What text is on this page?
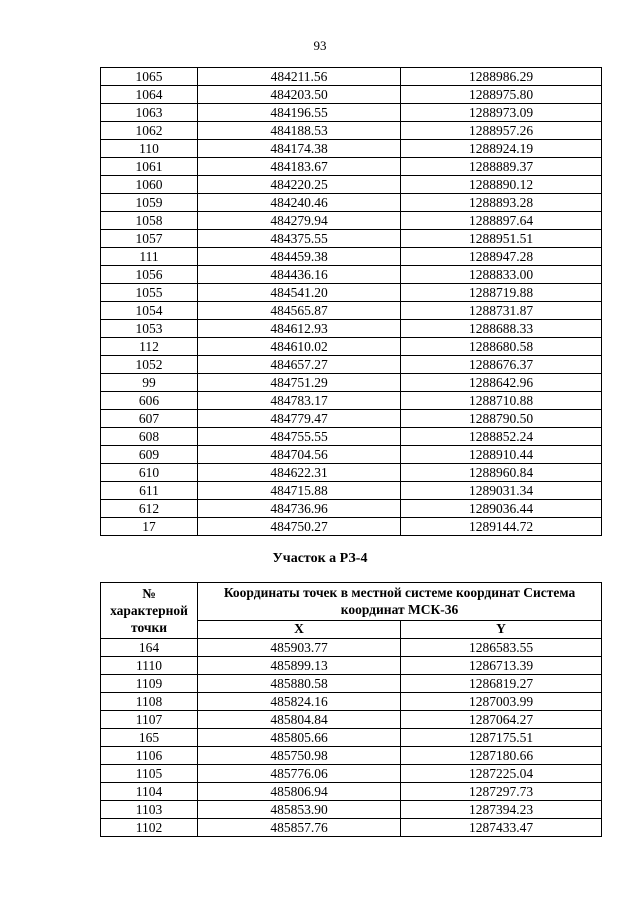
93
1065	484211.56	1288986.29
1064	484203.50	1288975.80
1063	484196.55	1288973.09
1062	484188.53	1288957.26
110	484174.38	1288924.19
1061	484183.67	1288889.37
1060	484220.25	1288890.12
1059	484240.46	1288893.28
1058	484279.94	1288897.64
1057	484375.55	1288951.51
111	484459.38	1288947.28
1056	484436.16	1288833.00
1055	484541.20	1288719.88
1054	484565.87	1288731.87
1053	484612.93	1288688.33
112	484610.02	1288680.58
1052	484657.27	1288676.37
99	484751.29	1288642.96
606	484783.17	1288710.88
607	484779.47	1288790.50
608	484755.55	1288852.24
609	484704.56	1288910.44
610	484622.31	1288960.84
611	484715.88	1289031.34
612	484736.96	1289036.44
17	484750.27	1289144.72
Участок а РЗ-4
№ характерной точки	Координаты точек в местной системе координат Система координат МСК-36	
	X	Y
164	485903.77	1286583.55
1110	485899.13	1286713.39
1109	485880.58	1286819.27
1108	485824.16	1287003.99
1107	485804.84	1287064.27
165	485805.66	1287175.51
1106	485750.98	1287180.66
1105	485776.06	1287225.04
1104	485806.94	1287297.73
1103	485853.90	1287394.23
1102	485857.76	1287433.47
